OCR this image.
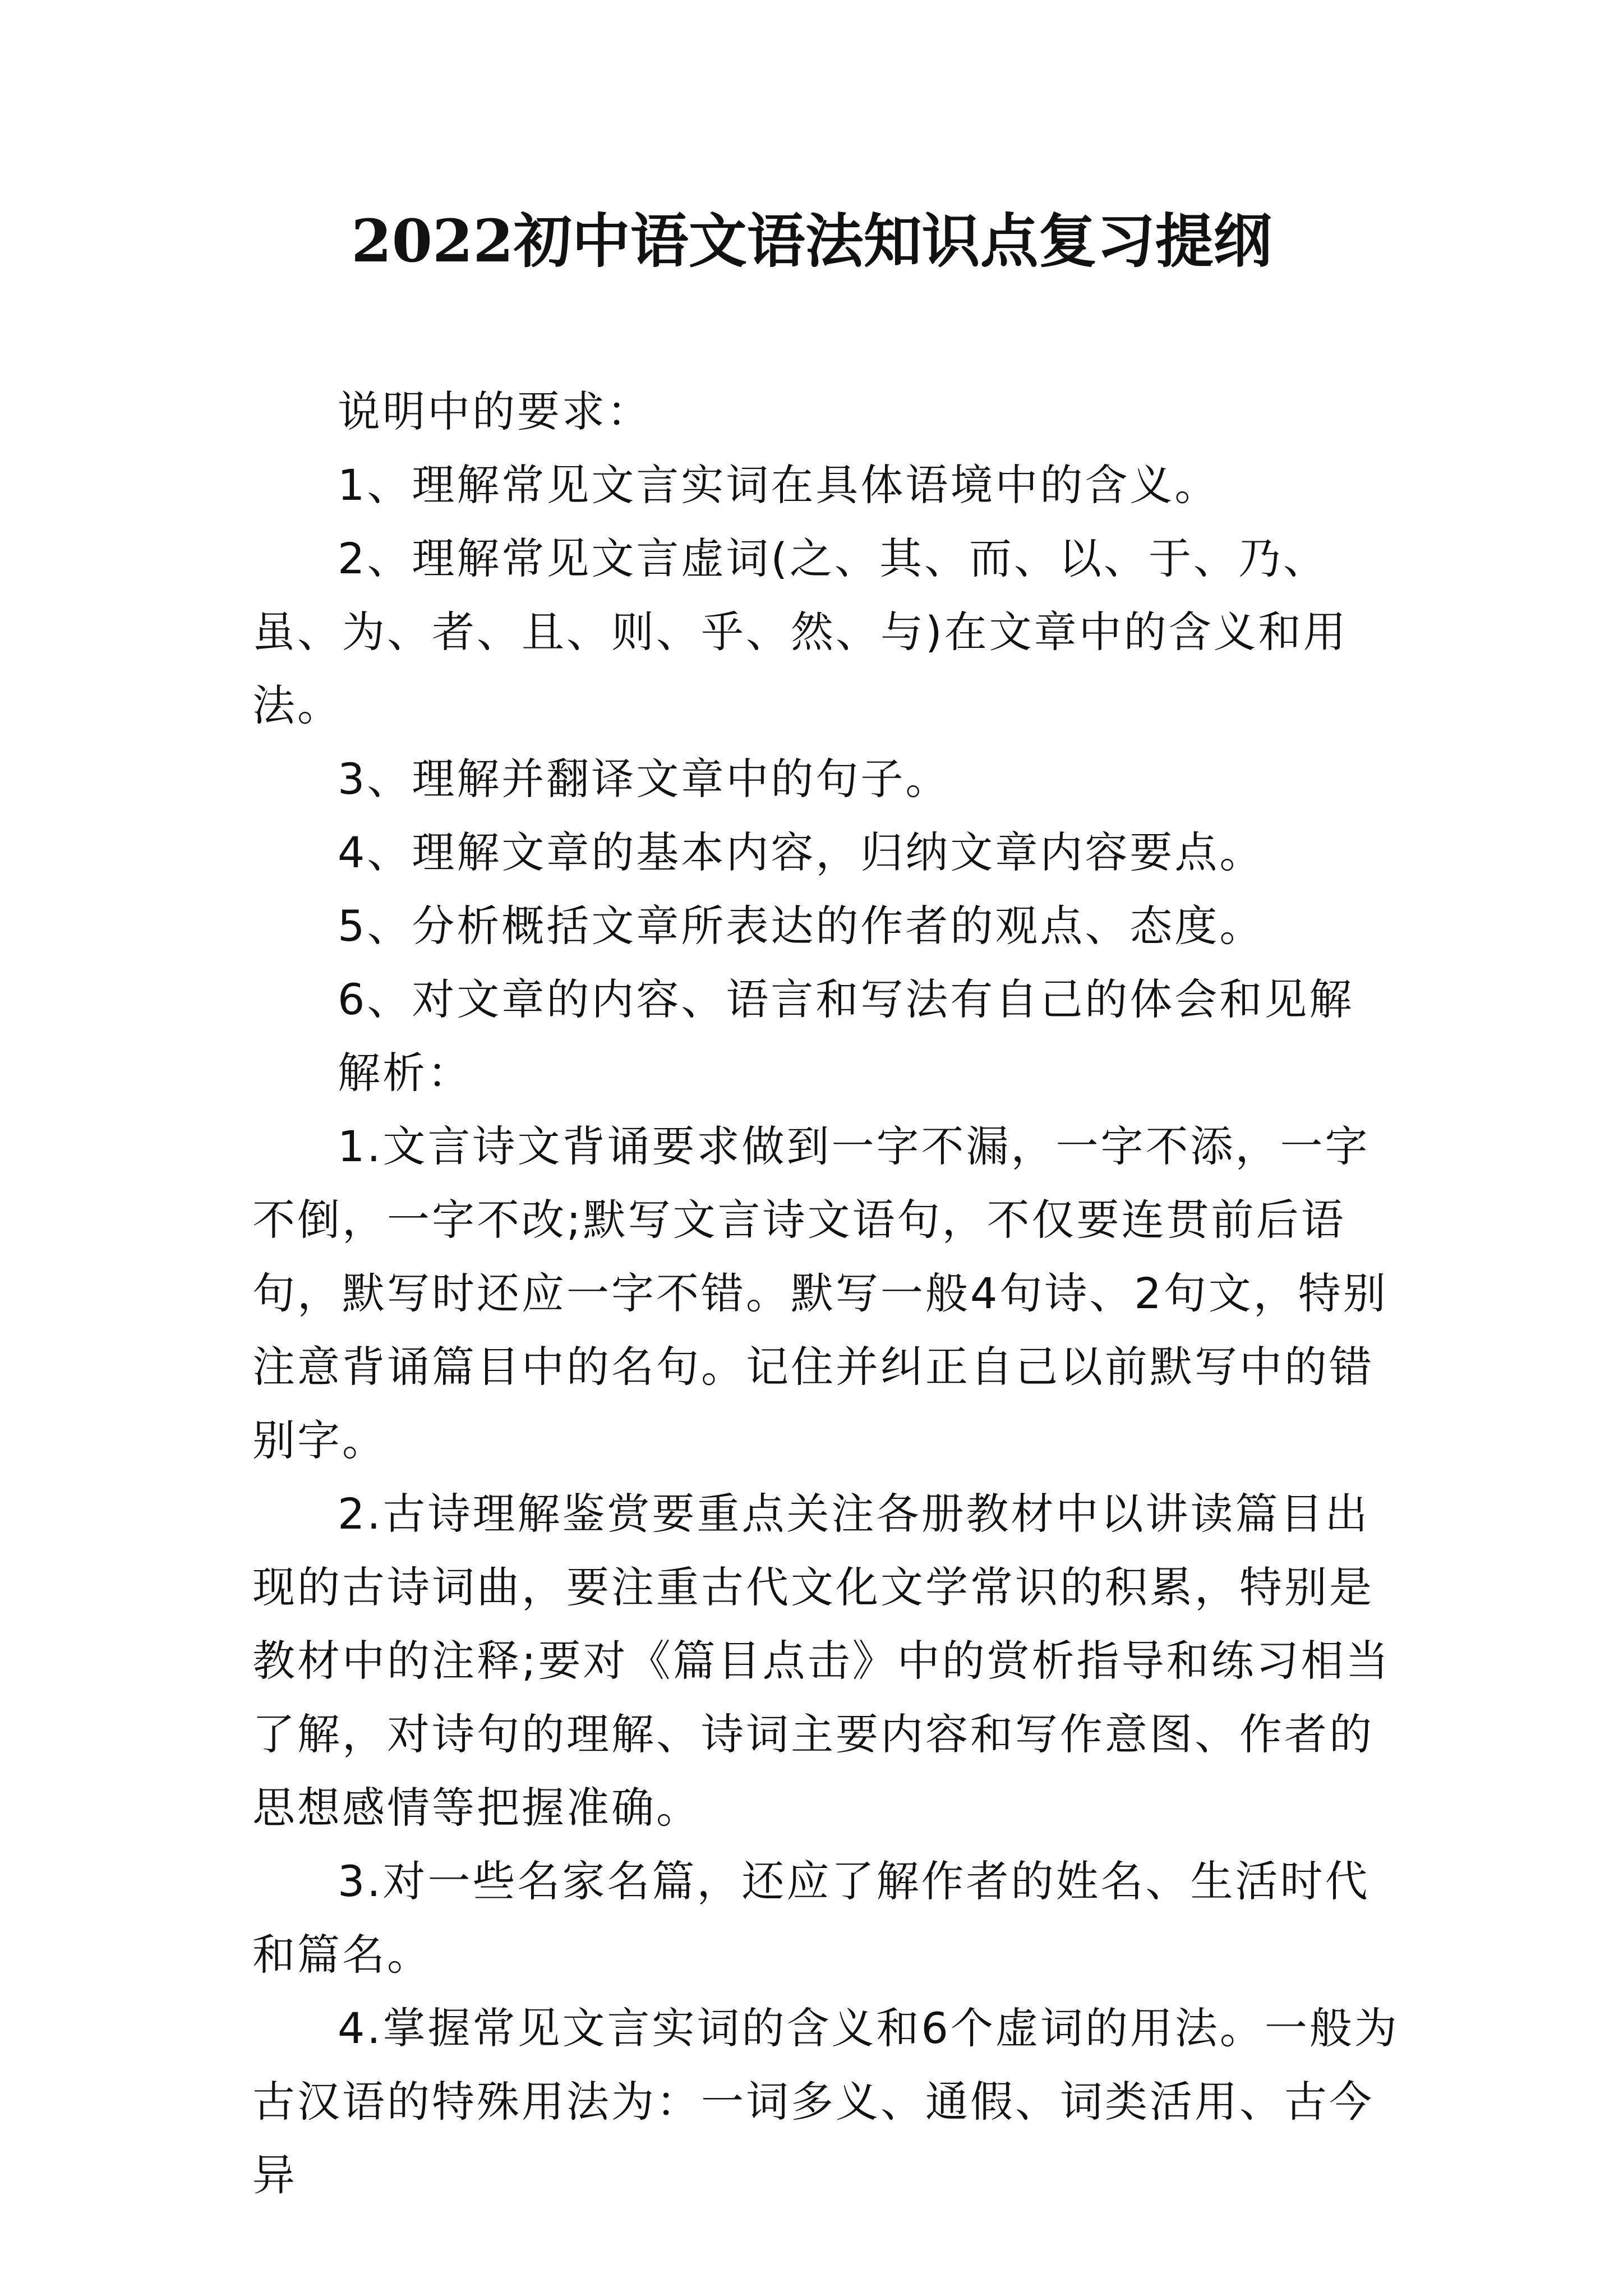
2022初中语文语法知识点复习提纲

说明中的要求：

1、理解常见文言实词在具体语境中的含义。

2、理解常见文言虚词(之、其、而、以、于、乃、虽、为、者、且、则、乎、然、与)在文章中的含义和用法。

3、理解并翻译文章中的句子。

4、理解文章的基本内容，归纳文章内容要点。

5、分析概括文章所表达的作者的观点、态度。

6、对文章的内容、语言和写法有自己的体会和见解

解析：

1.文言诗文背诵要求做到一字不漏，一字不添，一字不倒，一字不改;默写文言诗文语句，不仅要连贯前后语句，默写时还应一字不错。默写一般4句诗、2句文，特别注意背诵篇目中的名句。记住并纠正自己以前默写中的错别字。

2.古诗理解鉴赏要重点关注各册教材中以讲读篇目出现的古诗词曲，要注重古代文化文学常识的积累，特别是教材中的注释;要对《篇目点击》中的赏析指导和练习相当了解，对诗句的理解、诗词主要内容和写作意图、作者的思想感情等把握准确。

3.对一些名家名篇，还应了解作者的姓名、生活时代和篇名。

4.掌握常见文言实词的含义和6个虚词的用法。一般为古汉语的特殊用法为：一词多义、通假、词类活用、古今异
